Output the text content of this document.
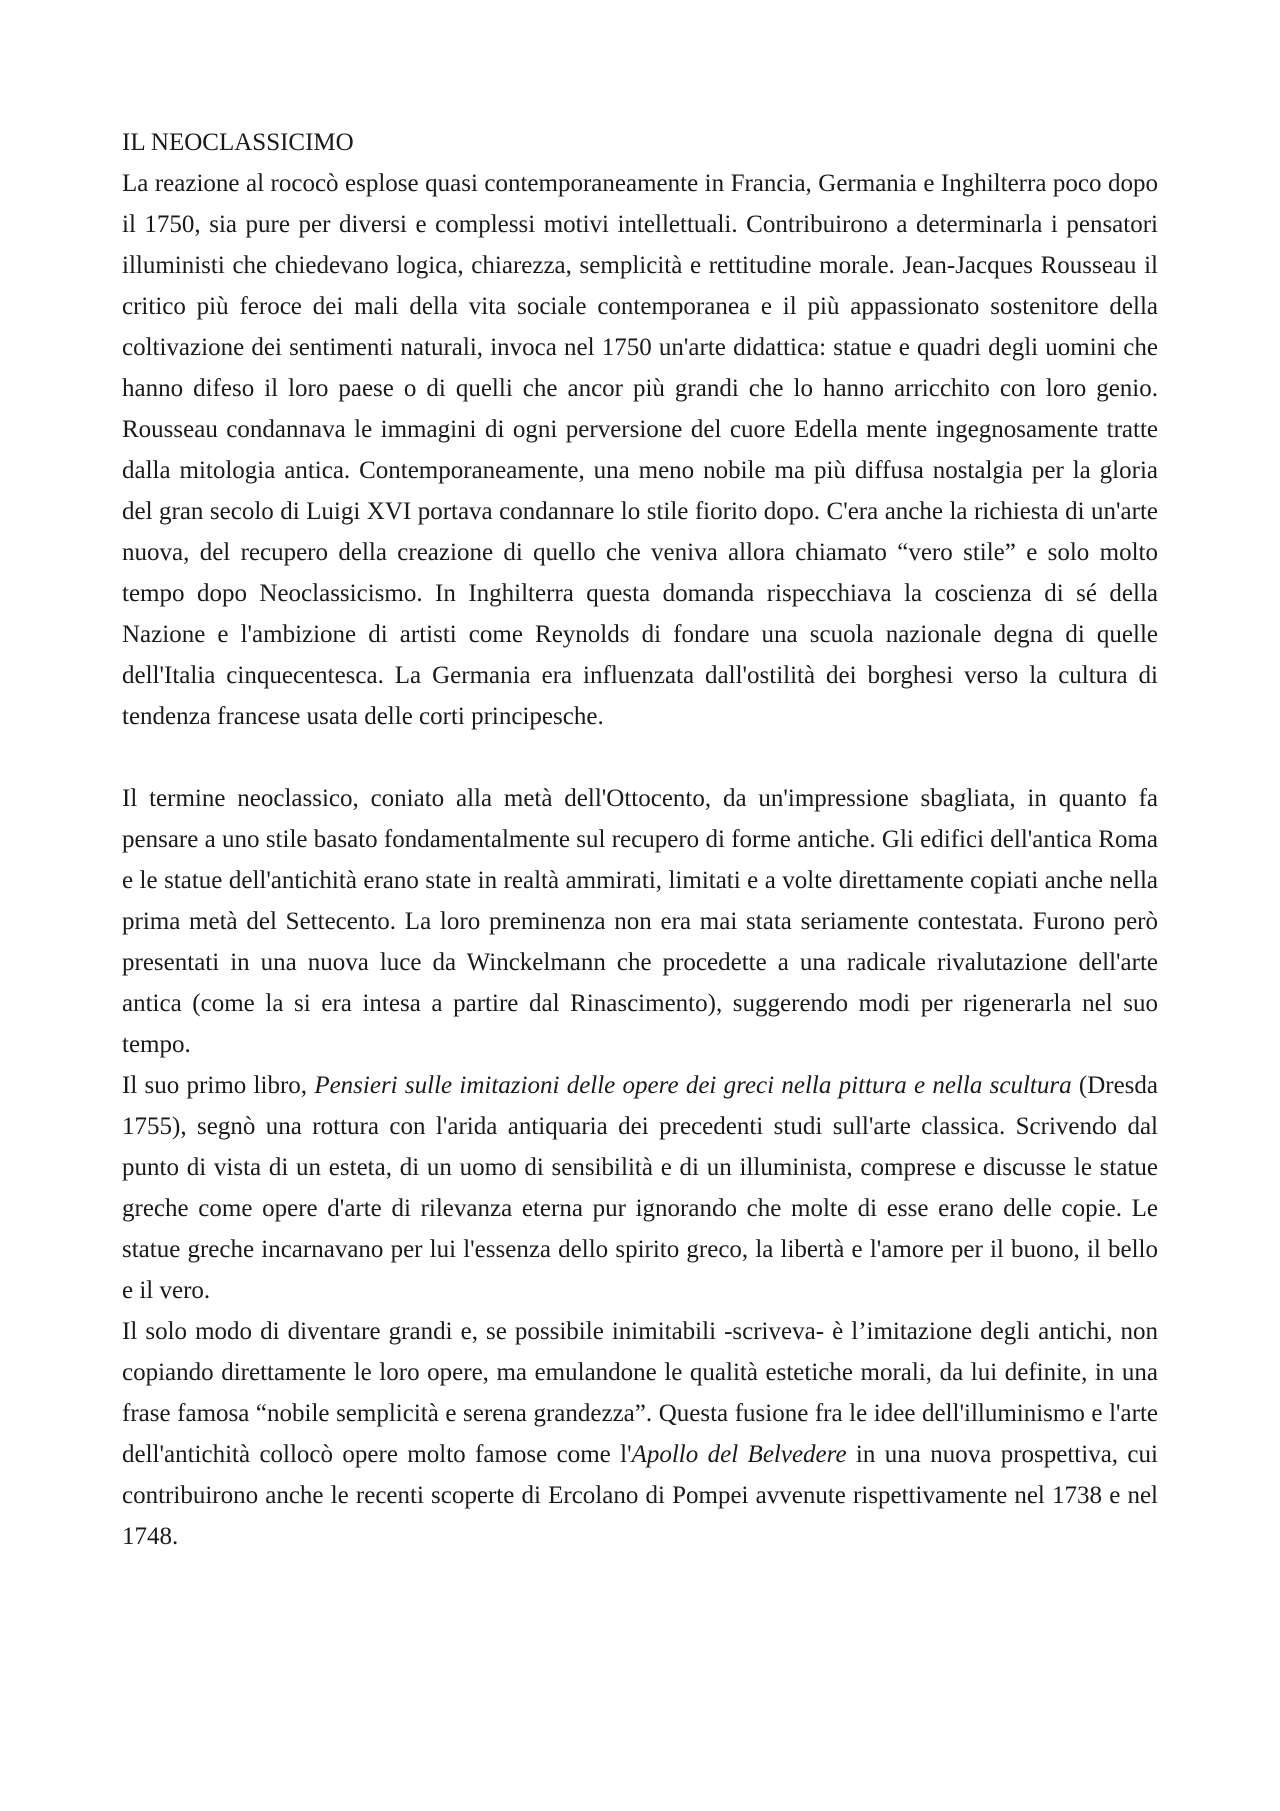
IL NEOCLASSICIMO

La reazione al rococò esplose quasi contemporaneamente in Francia, Germania e Inghilterra poco dopo il 1750, sia pure per diversi e complessi motivi intellettuali. Contribuirono a determinarla i pensatori illuministi che chiedevano logica, chiarezza, semplicità e rettitudine morale. Jean-Jacques Rousseau il critico più feroce dei mali della vita sociale contemporanea e il più appassionato sostenitore della coltivazione dei sentimenti naturali, invoca nel 1750 un'arte didattica: statue e quadri degli uomini che hanno difeso il loro paese o di quelli che ancor più grandi che lo hanno arricchito con loro genio. Rousseau condannava le immagini di ogni perversione del cuore Edella mente ingegnosamente tratte dalla mitologia antica. Contemporaneamente, una meno nobile ma più diffusa nostalgia per la gloria del gran secolo di Luigi XVI portava condannare lo stile fiorito dopo. C'era anche la richiesta di un'arte nuova, del recupero della creazione di quello che veniva allora chiamato “vero stile” e solo molto tempo dopo Neoclassicismo. In Inghilterra questa domanda rispecchiava la coscienza di sé della Nazione e l'ambizione di artisti come Reynolds di fondare una scuola nazionale degna di quelle dell'Italia cinquecentesca. La Germania era influenzata dall'ostilità dei borghesi verso la cultura di tendenza francese usata delle corti principesche.

Il termine neoclassico, coniato alla metà dell'Ottocento, da un'impressione sbagliata, in quanto fa pensare a uno stile basato fondamentalmente sul recupero di forme antiche. Gli edifici dell'antica Roma e le statue dell'antichità erano state in realtà ammirati, limitati e a volte direttamente copiati anche nella prima metà del Settecento. La loro preminenza non era mai stata seriamente contestata. Furono però presentati in una nuova luce da Winckelmann che procedette a una radicale rivalutazione dell'arte antica (come la si era intesa a partire dal Rinascimento), suggerendo modi per rigenerarla nel suo tempo.

Il suo primo libro, Pensieri sulle imitazioni delle opere dei greci nella pittura e nella scultura (Dresda 1755), segnò una rottura con l'arida antiquaria dei precedenti studi sull'arte classica. Scrivendo dal punto di vista di un esteta, di un uomo di sensibilità e di un illuminista, comprese e discusse le statue greche come opere d'arte di rilevanza eterna pur ignorando che molte di esse erano delle copie. Le statue greche incarnavano per lui l'essenza dello spirito greco, la libertà e l'amore per il buono, il bello e il vero.

Il solo modo di diventare grandi e, se possibile inimitabili -scriveva- è l’imitazione degli antichi, non copiando direttamente le loro opere, ma emulandone le qualità estetiche morali, da lui definite, in una frase famosa “nobile semplicità e serena grandezza”. Questa fusione fra le idee dell'illuminismo e l'arte dell'antichità collocò opere molto famose come l'Apollo del Belvedere in una nuova prospettiva, cui contribuirono anche le recenti scoperte di Ercolano di Pompei avvenute rispettivamente nel 1738 e nel 1748.
